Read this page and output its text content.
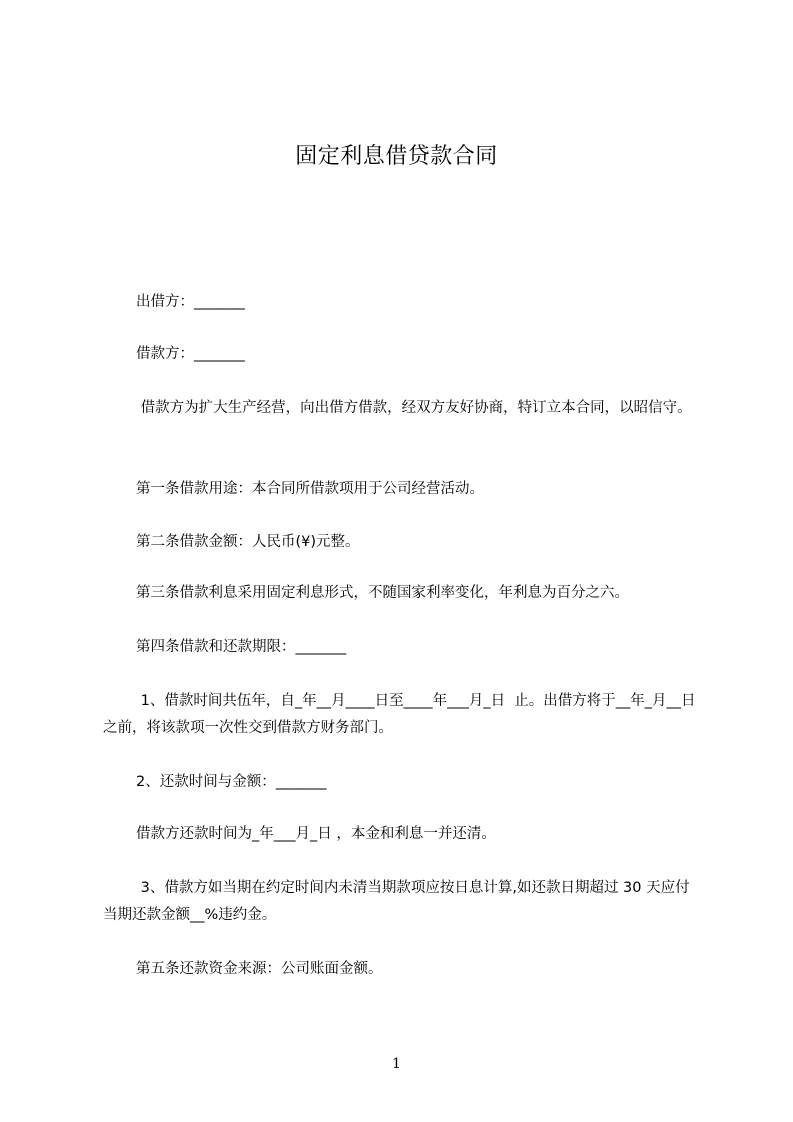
固定利息借贷款合同
出借方：_______
借款方：_______
借款方为扩大生产经营，向出借方借款，经双方友好协商，特订立本合同，以昭信守。
第一条借款用途：本合同所借款项用于公司经营活动。
第二条借款金额：人民币(¥)元整。
第三条借款利息采用固定利息形式，不随国家利率变化，年利息为百分之六。
第四条借款和还款期限：_______
1、借款时间共伍年，自_年__月____日至____年___月_日  止。出借方将于__年_月__日之前，将该款项一次性交到借款方财务部门。
2、还款时间与金额：_______
借款方还款时间为_年___月_日 ，本金和利息一并还清。
3、借款方如当期在约定时间内未清当期款项应按日息计算,如还款日期超过 30 天应付当期还款金额__%违约金。
第五条还款资金来源：公司账面金额。
1
